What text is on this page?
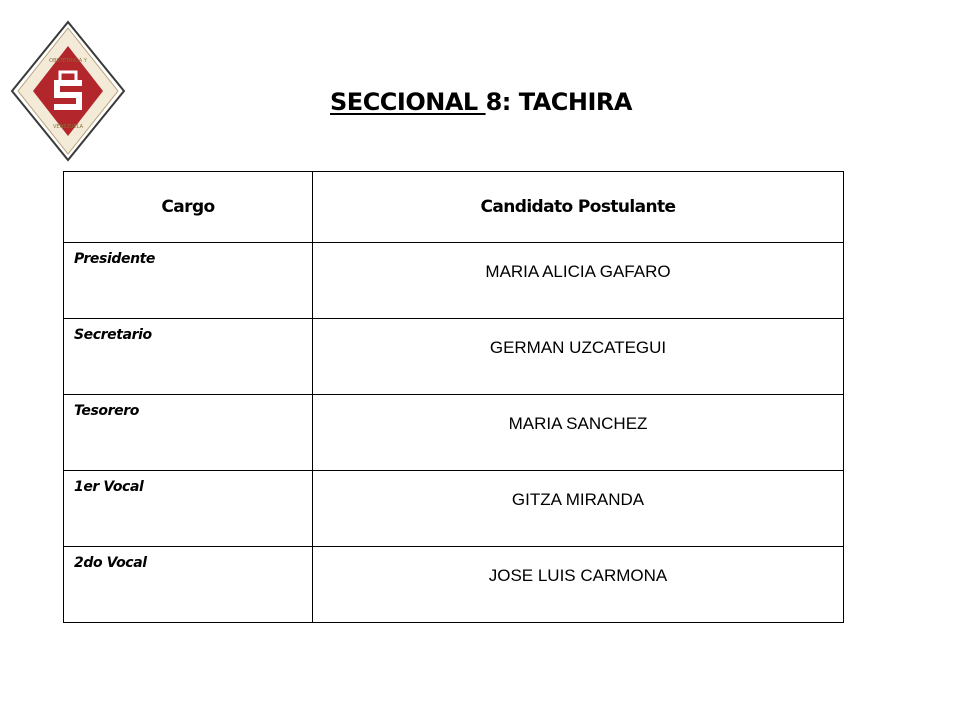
OBSTETRICIA Y
VENEZUELA
SECCIONAL 8: TACHIRA
Cargo	Candidato Postulante
Presidente	MARIA ALICIA GAFARO
Secretario	GERMAN UZCATEGUI
Tesorero	MARIA SANCHEZ
1er Vocal	GITZA MIRANDA
2do Vocal	JOSE LUIS CARMONA
